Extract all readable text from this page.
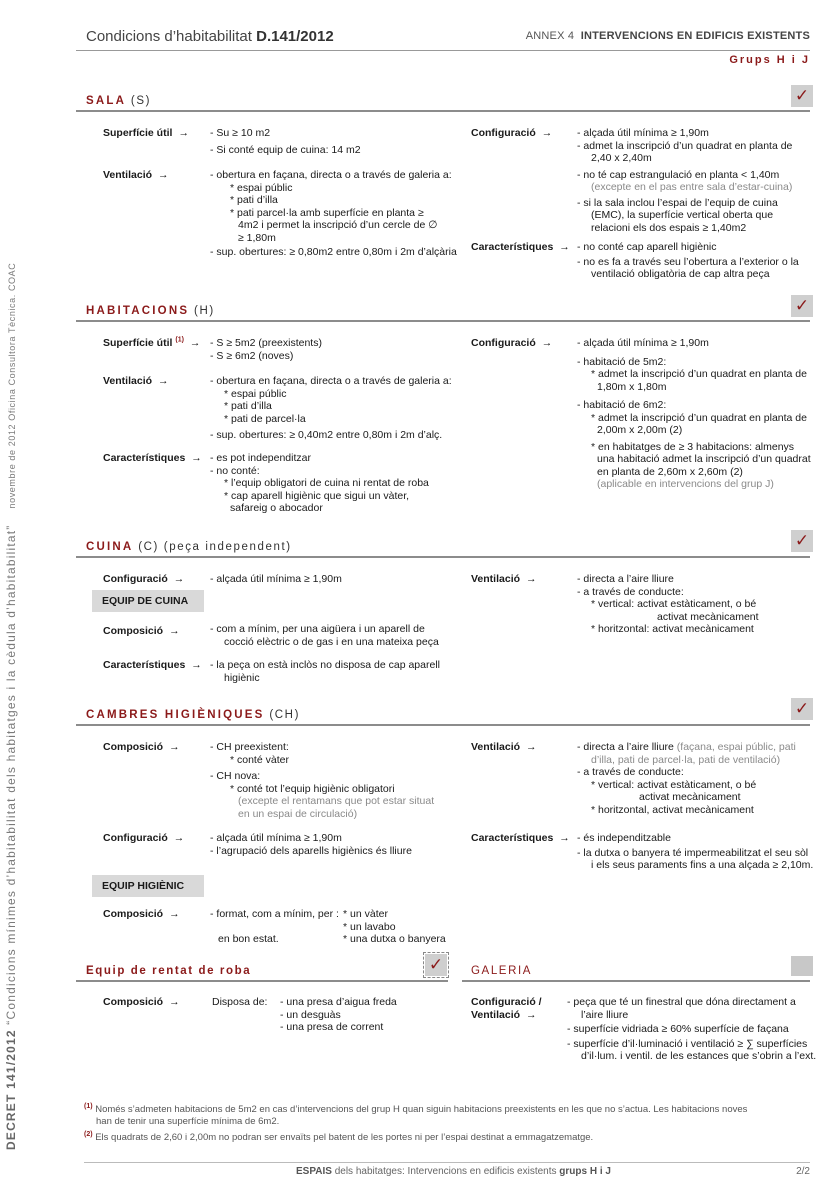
Condicions d’habitabilitat D.141/2012	ANNEX 4 INTERVENCIONS EN EDIFICIS EXISTENTS
Grups H i J
DECRET 141/2012 “Condicions mínimes d’habitabilitat dels habitatges i la cèdula d’habitabilitat”novembre de 2012 Oficina Consultora Tècnica. COAC
SALA (S)	✓
Superfície útil → - Su ≥ 10 m2
- Si conté equip de cuina: 14 m2
Ventilació →	- obertura en façana, directa o a través de galeria a:
* espai públic
* pati d’illa
* pati parcel·la amb superfície en planta ≥
4m2 i permet la inscripció d’un cercle de ∅
≥ 1,80m
- sup. obertures: ≥ 0,80m2 entre 0,80m i 2m d’alçària
Configuració → - alçada útil mínima ≥ 1,90m
- admet la inscripció d’un quadrat en planta de
2,40 x 2,40m
- no té cap estrangulació en planta < 1,40m
(excepte en el pas entre sala d’estar-cuina)
- si la sala inclou l’espai de l’equip de cuina
(EMC), la superfície vertical oberta que
relacioni els dos espais ≥ 1,40m2
Característiques → - no conté cap aparell higiènic
- no es fa a través seu l’obertura a l’exterior o la
ventilació obligatòria de cap altra peça
HABITACIONS (H)	✓
Superfície útil $^{(1)}$ → - S ≥ 5m2 (preexistents)
- S ≥ 6m2 (noves)
Ventilació →	- obertura en façana, directa o a través de galeria a:
* espai públic
* pati d’illa
* pati de parcel·la
- sup. obertures: ≥ 0,40m2 entre 0,80m i 2m d’alç.
Característiques → - es pot independitzar
- no conté:
* l’equip obligatori de cuina ni rentat de roba
* cap aparell higiènic que sigui un vàter,
safareig o abocador
Configuració → - alçada útil mínima ≥ 1,90m
- habitació de 5m2:
* admet la inscripció d’un quadrat en planta de
1,80m x 1,80m
- habitació de 6m2:
* admet la inscripció d’un quadrat en planta de
2,00m x 2,00m (2)
* en habitatges de ≥ 3 habitacions: almenys
una habitació admet la inscripció d’un quadrat
en planta de 2,60m x 2,60m (2)
(aplicable en intervencions del grup J)
CUINA (C) (peça independent)	✓
Configuració → - alçada útil mínima ≥ 1,90m
EQUIP DE CUINA
Composició →	- com a mínim, per una aigüera i un aparell de
cocció elèctric o de gas i en una mateixa peça
Característiques → - la peça on està inclòs no disposa de cap aparell
higiènic
Ventilació →	- directa a l’aire lliure
- a través de conducte:
* vertical: activat estàticament, o bé
activat mecànicament
* horitzontal: activat mecànicament
CAMBRES HIGIÈNIQUES (CH)	✓
Composició →	- CH preexistent:
* conté vàter
- CH nova:
* conté tot l’equip higiènic obligatori
(excepte el rentamans que pot estar situat
en un espai de circulació)
Configuració → - alçada útil mínima ≥ 1,90m
- l’agrupació dels aparells higiènics és lliure
EQUIP HIGIÈNIC
Composició →	- format, com a mínim, per :
en bon estat.
* un vàter
* un lavabo
* una dutxa o banyera
Ventilació →	- directa a l’aire lliure (façana, espai públic, pati
d’illa, pati de parcel·la, pati de ventilació)
- a través de conducte:
* vertical: activat estàticament, o bé
activat mecànicament
* horitzontal, activat mecànicament
Característiques → - és independitzable
- la dutxa o banyera té impermeabilitzat el seu sòl
i els seus paraments fins a una alçada ≥ 2,10m.
Equip de rentat de roba	✓
Composició →	Disposa de: - una presa d’aigua freda
- un desguàs
- una presa de corrent
GALERIA
Configuració /
Ventilació →
- peça que té un finestral que dóna directament a
l’aire lliure
- superfície vidriada ≥ 60% superfície de façana
- superfície d’il·luminació i ventilació ≥ ∑ superfícies
d’il·lum. i ventil. de les estances que s’obrin a l’ext.
$^{(1)}$ Només s’admeten habitacions de 5m2 en cas d’intervencions del grup H quan siguin habitacions preexistents en les que no s’actua. Les habitacions noves
han de tenir una superfície mínima de 6m2.
$^{(2)}$ Els quadrats de 2,60 i 2,00m no podran ser envaïts pel batent de les portes ni per l’espai destinat a emmagatzematge.
ESPAIS dels habitatges: Intervencions en edificis existents grups H i J	2/2
